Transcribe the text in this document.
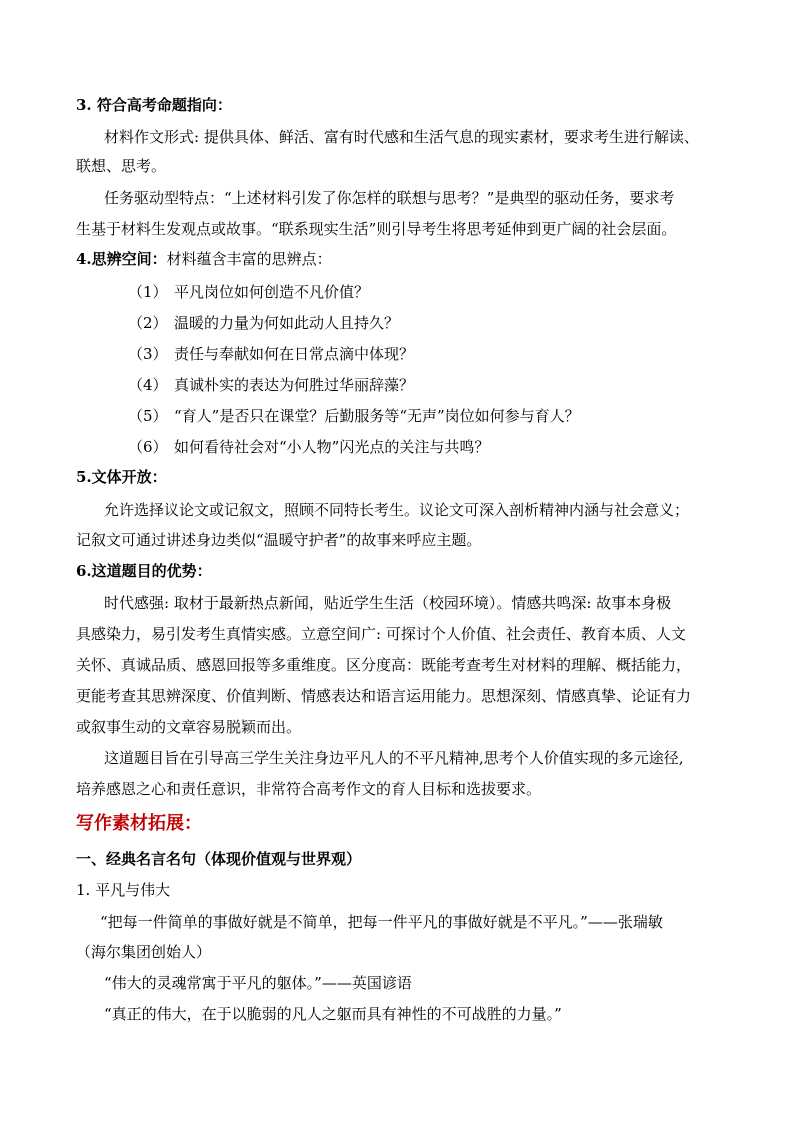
3. 符合高考命题指向：
材料作文形式: 提供具体、鲜活、富有时代感和生活气息的现实素材，要求考生进行解读、
联想、思考。
任务驱动型特点：“上述材料引发了你怎样的联想与思考？”是典型的驱动任务，要求考
生基于材料生发观点或故事。“联系现实生活”则引导考生将思考延伸到更广阔的社会层面。
4.思辨空间：材料蕴含丰富的思辨点：
（1） 平凡岗位如何创造不凡价值？
（2） 温暖的力量为何如此动人且持久？
（3） 责任与奉献如何在日常点滴中体现？
（4） 真诚朴实的表达为何胜过华丽辞藻？
（5） “育人”是否只在课堂？后勤服务等“无声”岗位如何参与育人？
（6） 如何看待社会对“小人物”闪光点的关注与共鸣？
5.文体开放：
允许选择议论文或记叙文，照顾不同特长考生。议论文可深入剖析精神内涵与社会意义；
记叙文可通过讲述身边类似“温暖守护者”的故事来呼应主题。
6.这道题目的优势：
时代感强: 取材于最新热点新闻，贴近学生生活（校园环境）。情感共鸣深: 故事本身极
具感染力，易引发考生真情实感。立意空间广: 可探讨个人价值、社会责任、教育本质、人文
关怀、真诚品质、感恩回报等多重维度。区分度高：既能考查考生对材料的理解、概括能力，
更能考查其思辨深度、价值判断、情感表达和语言运用能力。思想深刻、情感真挚、论证有力
或叙事生动的文章容易脱颖而出。
这道题目旨在引导高三学生关注身边平凡人的不平凡精神,思考个人价值实现的多元途径,
培养感恩之心和责任意识，非常符合高考作文的育人目标和选拔要求。
写作素材拓展：
一、经典名言名句（体现价值观与世界观）
1. 平凡与伟大
“把每一件简单的事做好就是不简单，把每一件平凡的事做好就是不平凡。”——张瑞敏
（海尔集团创始人）
“伟大的灵魂常寓于平凡的躯体。”——英国谚语
“真正的伟大，在于以脆弱的凡人之躯而具有神性的不可战胜的力量。”
